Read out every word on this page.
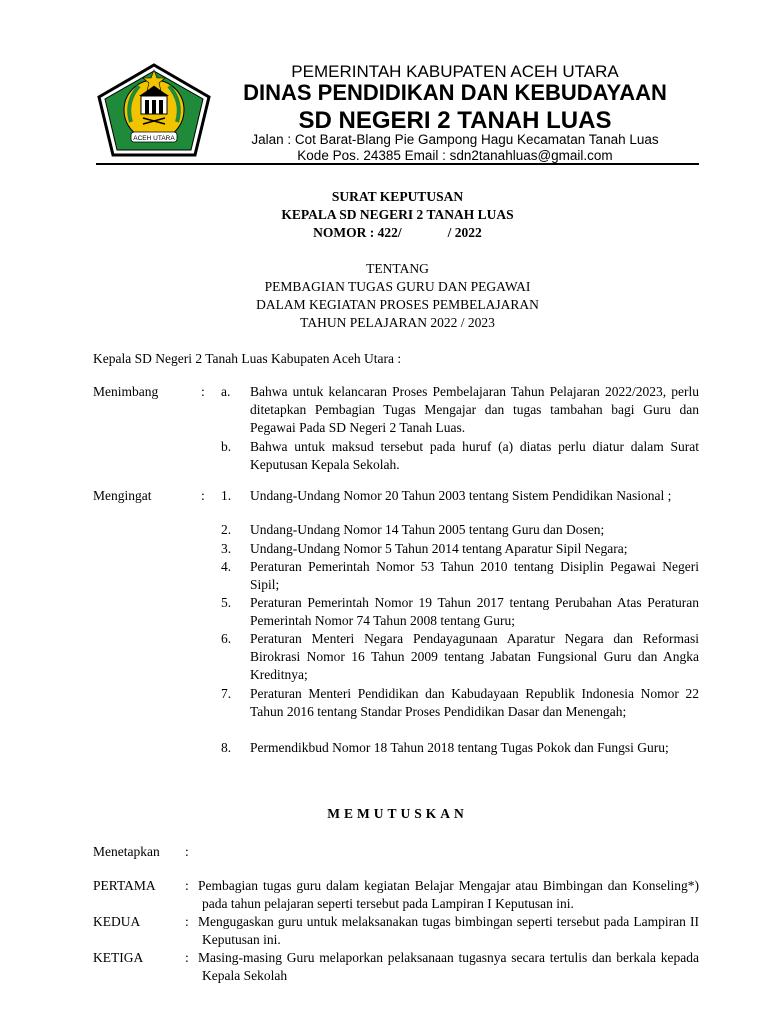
ACEH UTARA
PEMERINTAH KABUPATEN ACEH UTARA
DINAS PENDIDIKAN DAN KEBUDAYAAN
SD NEGERI 2 TANAH LUAS
Jalan : Cot Barat-Blang Pie Gampong Hagu Kecamatan Tanah Luas
Kode Pos. 24385 Email : sdn2tanahluas@gmail.com
SURAT KEPUTUSAN
KEPALA SD NEGERI 2 TANAH LUAS
NOMOR : 422/	/ 2022
TENTANG
PEMBAGIAN TUGAS GURU DAN PEGAWAI
DALAM KEGIATAN PROSES PEMBELAJARAN
TAHUN PELAJARAN 2022 / 2023
Kepala SD Negeri 2 Tanah Luas Kabupaten Aceh Utara :
Menimbang	: a. Bahwa untuk kelancaran Proses Pembelajaran Tahun Pelajaran 2022/2023, perlu ditetapkan Pembagian Tugas Mengajar dan tugas tambahan bagi Guru dan Pegawai Pada SD Negeri 2 Tanah Luas.
b. Bahwa untuk maksud tersebut pada huruf (a) diatas perlu diatur dalam Surat Keputusan Kepala Sekolah.
Mengingat	: 1. Undang-Undang Nomor 20 Tahun 2003 tentang Sistem Pendidikan Nasional ;
2. Undang-Undang Nomor 14 Tahun 2005 tentang Guru dan Dosen;
3. Undang-Undang Nomor 5 Tahun 2014 tentang Aparatur Sipil Negara;
4. Peraturan Pemerintah Nomor 53 Tahun 2010 tentang Disiplin Pegawai Negeri Sipil;
5. Peraturan Pemerintah Nomor 19 Tahun 2017 tentang Perubahan Atas Peraturan Pemerintah Nomor 74 Tahun 2008 tentang Guru;
6. Peraturan Menteri Negara Pendayagunaan Aparatur Negara dan Reformasi Birokrasi Nomor 16 Tahun 2009 tentang Jabatan Fungsional Guru dan Angka Kreditnya;
7. Peraturan Menteri Pendidikan dan Kabudayaan Republik Indonesia Nomor 22 Tahun 2016 tentang Standar Proses Pendidikan Dasar dan Menengah;
8. Permendikbud Nomor 18 Tahun 2018 tentang Tugas Pokok dan Fungsi Guru;
MEMUTUSKAN
Menetapkan :
PERTAMA : Pembagian tugas guru dalam kegiatan Belajar Mengajar atau Bimbingan dan Konseling*) pada tahun pelajaran seperti tersebut pada Lampiran I Keputusan ini.
KEDUA	: Mengugaskan guru untuk melaksanakan tugas bimbingan seperti tersebut pada Lampiran II Keputusan ini.
KETIGA	: Masing-masing Guru melaporkan pelaksanaan tugasnya secara tertulis dan berkala kepada Kepala Sekolah
